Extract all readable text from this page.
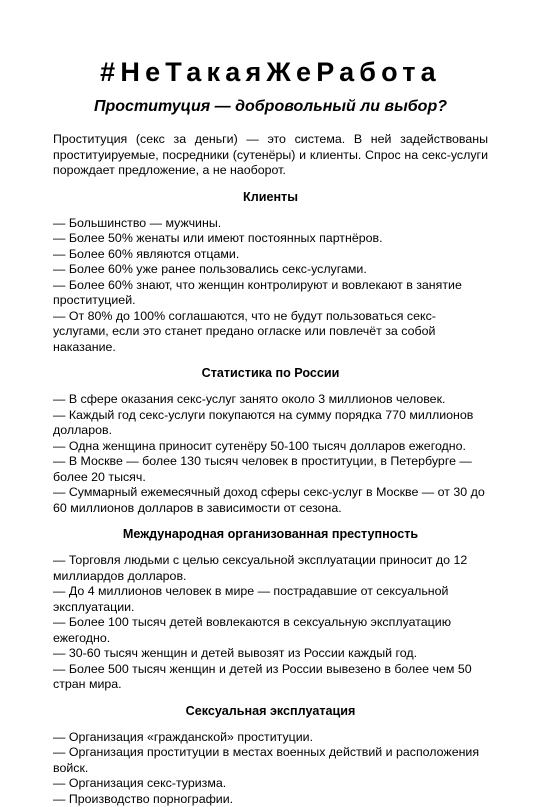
#НеТакаяЖеРабота
Проституция — добровольный ли выбор?

Проституция (секс за деньги) — это система. В ней задействованы проституируемые, посредники (сутенёры) и клиенты. Спрос на секс-услуги порождает предложение, а не наоборот.

Клиенты
— Большинство — мужчины.
— Более 50% женаты или имеют постоянных партнёров.
— Более 60% являются отцами.
— Более 60% уже ранее пользовались секс-услугами.
— Более 60% знают, что женщин контролируют и вовлекают в занятие проституцией.
— От 80% до 100% соглашаются, что не будут пользоваться секс-услугами, если это станет предано огласке или повлечёт за собой наказание.
Статистика по России
— В сфере оказания секс-услуг занято около 3 миллионов человек.
— Каждый год секс-услуги покупаются на сумму порядка 770 миллионов долларов.
— Одна женщина приносит сутенёру 50-100 тысяч долларов ежегодно.
— В Москве — более 130 тысяч человек в проституции, в Петербурге — более 20 тысяч.
— Суммарный ежемесячный доход сферы секс-услуг в Москве — от 30 до 60 миллионов долларов в зависимости от сезона.
Международная организованная преступность
— Торговля людьми с целью сексуальной эксплуатации приносит до 12 миллиардов долларов.
— До 4 миллионов человек в мире — пострадавшие от сексуальной эксплуатации.
— Более 100 тысяч детей вовлекаются в сексуальную эксплуатацию ежегодно.
— 30-60 тысяч женщин и детей вывозят из России каждый год.
— Более 500 тысяч женщин и детей из России вывезено в более чем 50 стран мира.
Сексуальная эксплуатация
— Организация «гражданской» проституции.
— Организация проституции в местах военных действий и расположения войск.
— Организация секс-туризма.
— Производство порнографии.
